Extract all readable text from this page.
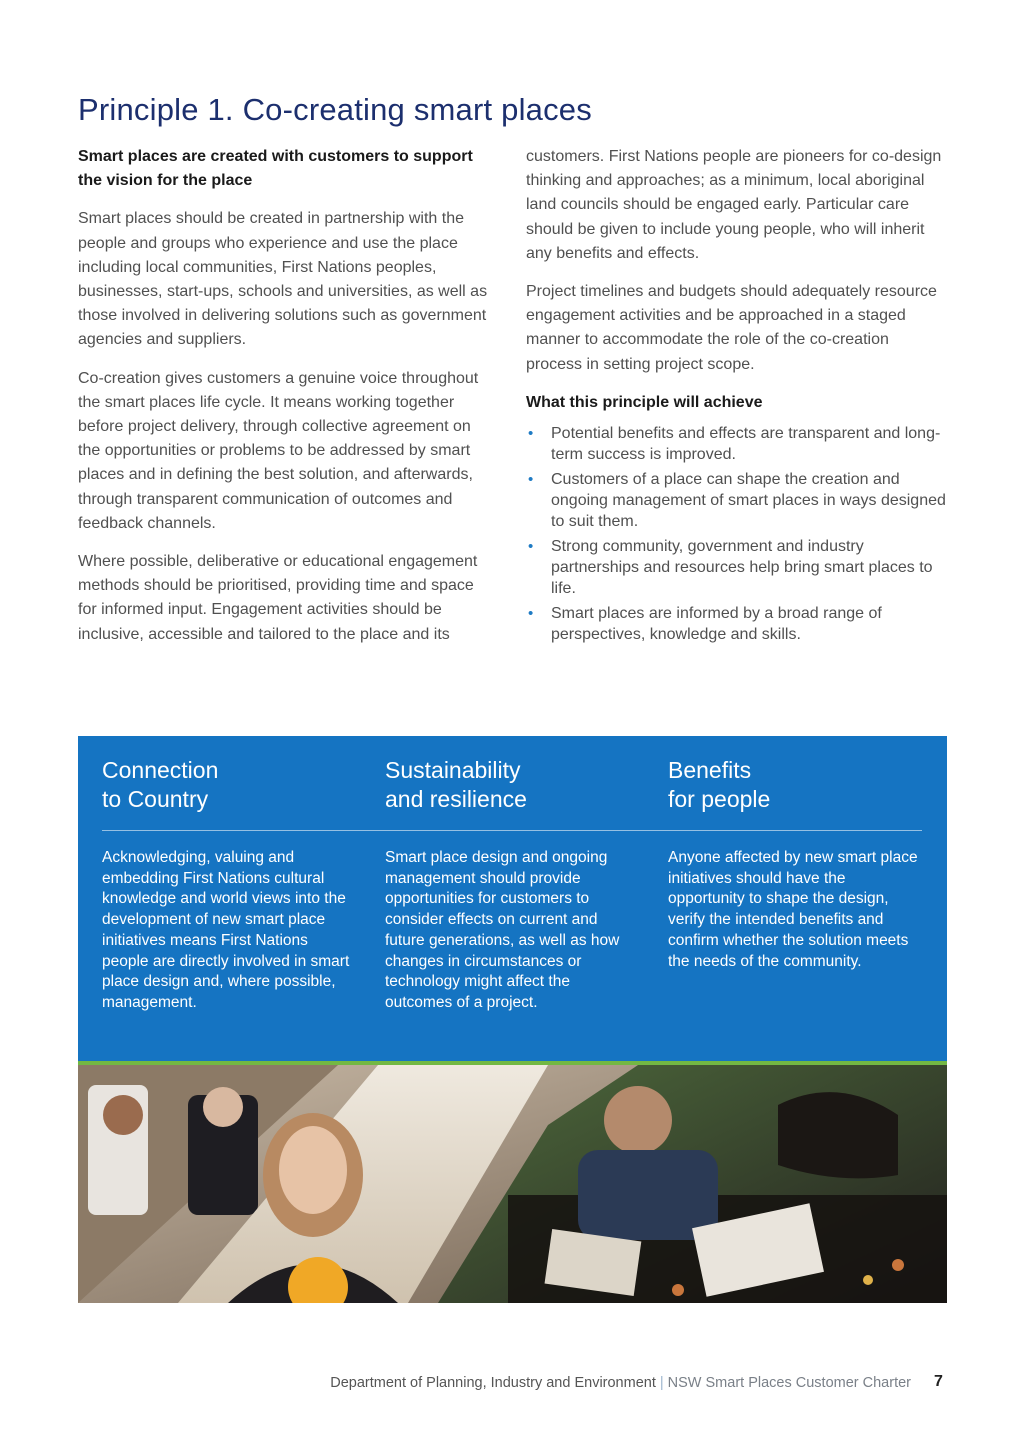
Principle 1. Co-creating smart places

Smart places are created with customers to support the vision for the place

Smart places should be created in partnership with the people and groups who experience and use the place including local communities, First Nations peoples, businesses, start-ups, schools and universities, as well as those involved in delivering solutions such as government agencies and suppliers.

Co-creation gives customers a genuine voice throughout the smart places life cycle. It means working together before project delivery, through collective agreement on the opportunities or problems to be addressed by smart places and in defining the best solution, and afterwards, through transparent communication of outcomes and feedback channels.

Where possible, deliberative or educational engagement methods should be prioritised, providing time and space for informed input. Engagement activities should be inclusive, accessible and tailored to the place and its

customers. First Nations people are pioneers for co-design thinking and approaches; as a minimum, local aboriginal land councils should be engaged early. Particular care should be given to include young people, who will inherit any benefits and effects.

Project timelines and budgets should adequately resource engagement activities and be approached in a staged manner to accommodate the role of the co-creation process in setting project scope.

What this principle will achieve

• Potential benefits and effects are transparent and long-term success is improved.
• Customers of a place can shape the creation and ongoing management of smart places in ways designed to suit them.
• Strong community, government and industry partnerships and resources help bring smart places to life.
• Smart places are informed by a broad range of perspectives, knowledge and skills.
Connection
to Country

Acknowledging, valuing and embedding First Nations cultural knowledge and world views into the development of new smart place initiatives means First Nations people are directly involved in smart place design and, where possible, management.

Sustainability
and resilience

Smart place design and ongoing management should provide opportunities for customers to consider effects on current and future generations, as well as how changes in circumstances or technology might affect the outcomes of a project.

Benefits
for people

Anyone affected by new smart place initiatives should have the opportunity to shape the design, verify the intended benefits and confirm whether the solution meets the needs of the community.

Department of Planning, Industry and Environment | NSW Smart Places Customer Charter 7
